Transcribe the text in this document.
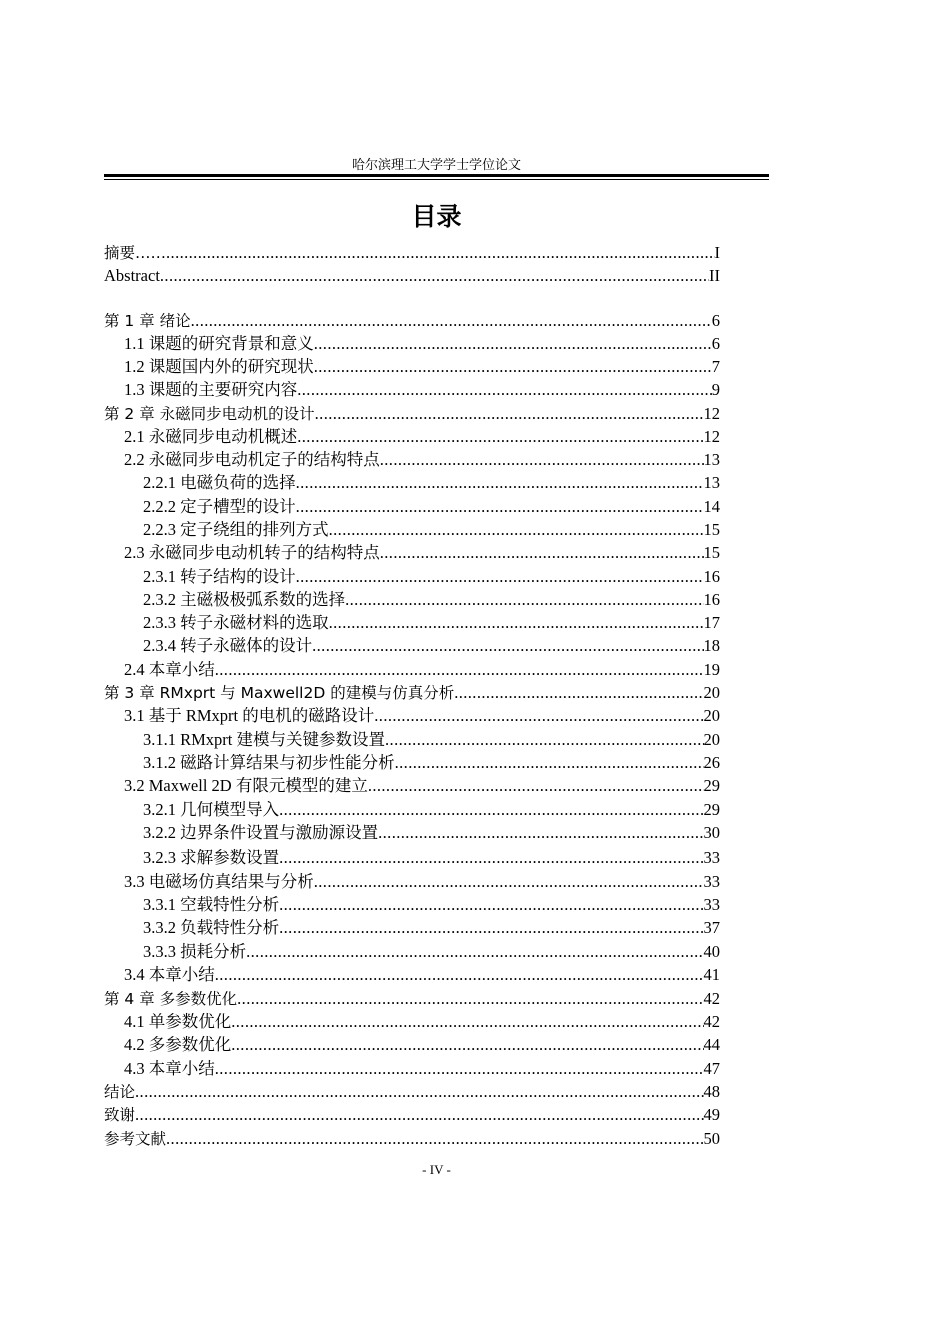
哈尔滨理工大学学士学位论文
目录
摘要…… .....	I
Abstract .....	II
第 1 章 绪论 .....	6
1.1 课题的研究背景和意义 .....	6
1.2 课题国内外的研究现状 .....	7
1.3 课题的主要研究内容 .....	9
第 2 章 永磁同步电动机的设计 .....	12
2.1 永磁同步电动机概述 .....	12
2.2 永磁同步电动机定子的结构特点 .....	13
2.2.1 电磁负荷的选择 .....	13
2.2.2 定子槽型的设计 .....	14
2.2.3 定子绕组的排列方式 .....	15
2.3 永磁同步电动机转子的结构特点 .....	15
2.3.1 转子结构的设计 .....	16
2.3.2 主磁极极弧系数的选择 .....	16
2.3.3 转子永磁材料的选取 .....	17
2.3.4 转子永磁体的设计 .....	18
2.4 本章小结 .....	19
第 3 章 RMxprt 与 Maxwell2D 的建模与仿真分析 .....	20
3.1 基于 RMxprt 的电机的磁路设计 .....	20
3.1.1 RMxprt 建模与关键参数设置 .....	20
3.1.2 磁路计算结果与初步性能分析 .....	26
3.2 Maxwell 2D 有限元模型的建立 .....	29
3.2.1 几何模型导入 .....	29
3.2.2 边界条件设置与激励源设置 .....	30
3.2.3 求解参数设置 .....	33
3.3 电磁场仿真结果与分析 .....	33
3.3.1 空载特性分析 .....	33
3.3.2 负载特性分析 .....	37
3.3.3 损耗分析 .....	40
3.4 本章小结 .....	41
第 4 章 多参数优化 .....	42
4.1 单参数优化 .....	42
4.2 多参数优化 .....	44
4.3 本章小结 .....	47
结论 .....	48
致谢 .....	49
参考文献 .....	50
- IV -
